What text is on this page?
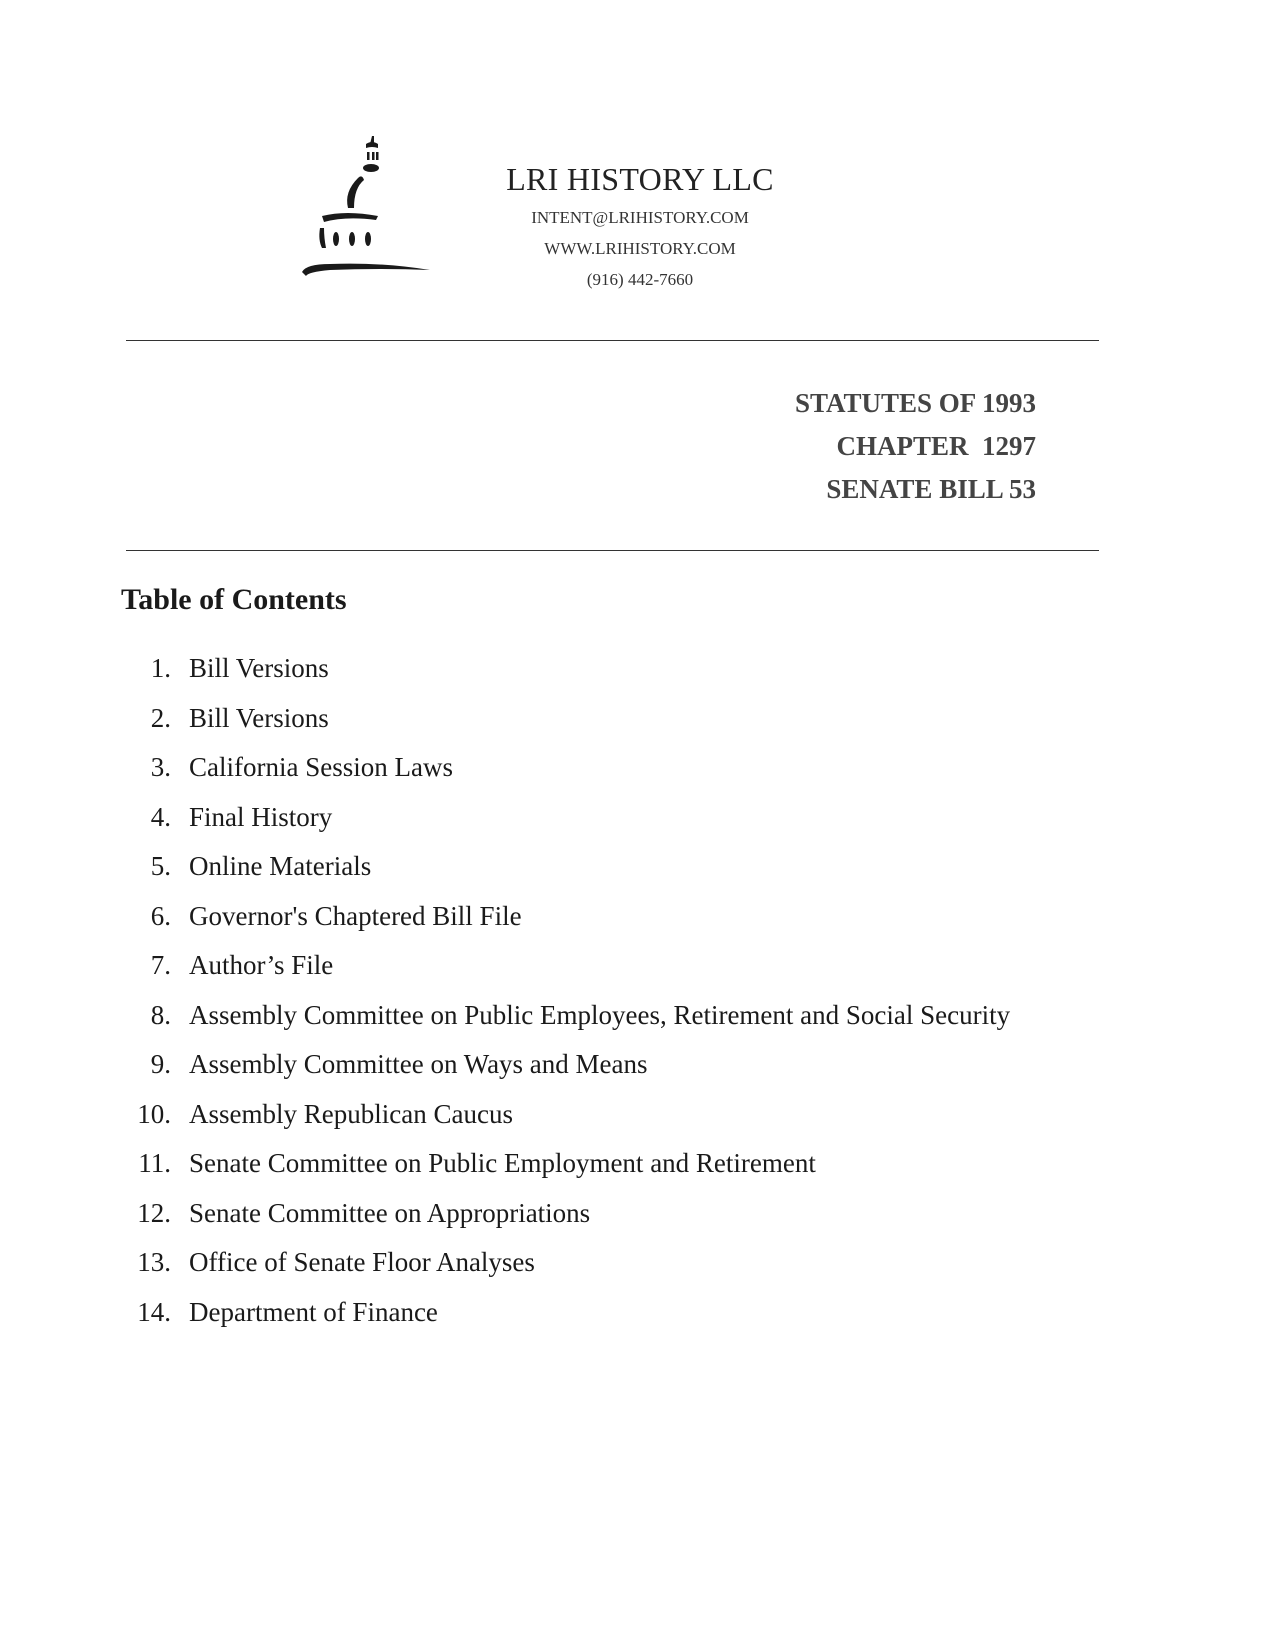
LRI HISTORY LLC
INTENT@LRIHISTORY.COM
WWW.LRIHISTORY.COM
(916) 442-7660
STATUTES OF 1993
CHAPTER  1297
SENATE BILL 53
Table of Contents
1. Bill Versions
2. Bill Versions
3. California Session Laws
4. Final History
5. Online Materials
6. Governor's Chaptered Bill File
7. Author’s File
8. Assembly Committee on Public Employees, Retirement and Social Security
9. Assembly Committee on Ways and Means
10. Assembly Republican Caucus
11. Senate Committee on Public Employment and Retirement
12. Senate Committee on Appropriations
13. Office of Senate Floor Analyses
14. Department of Finance
